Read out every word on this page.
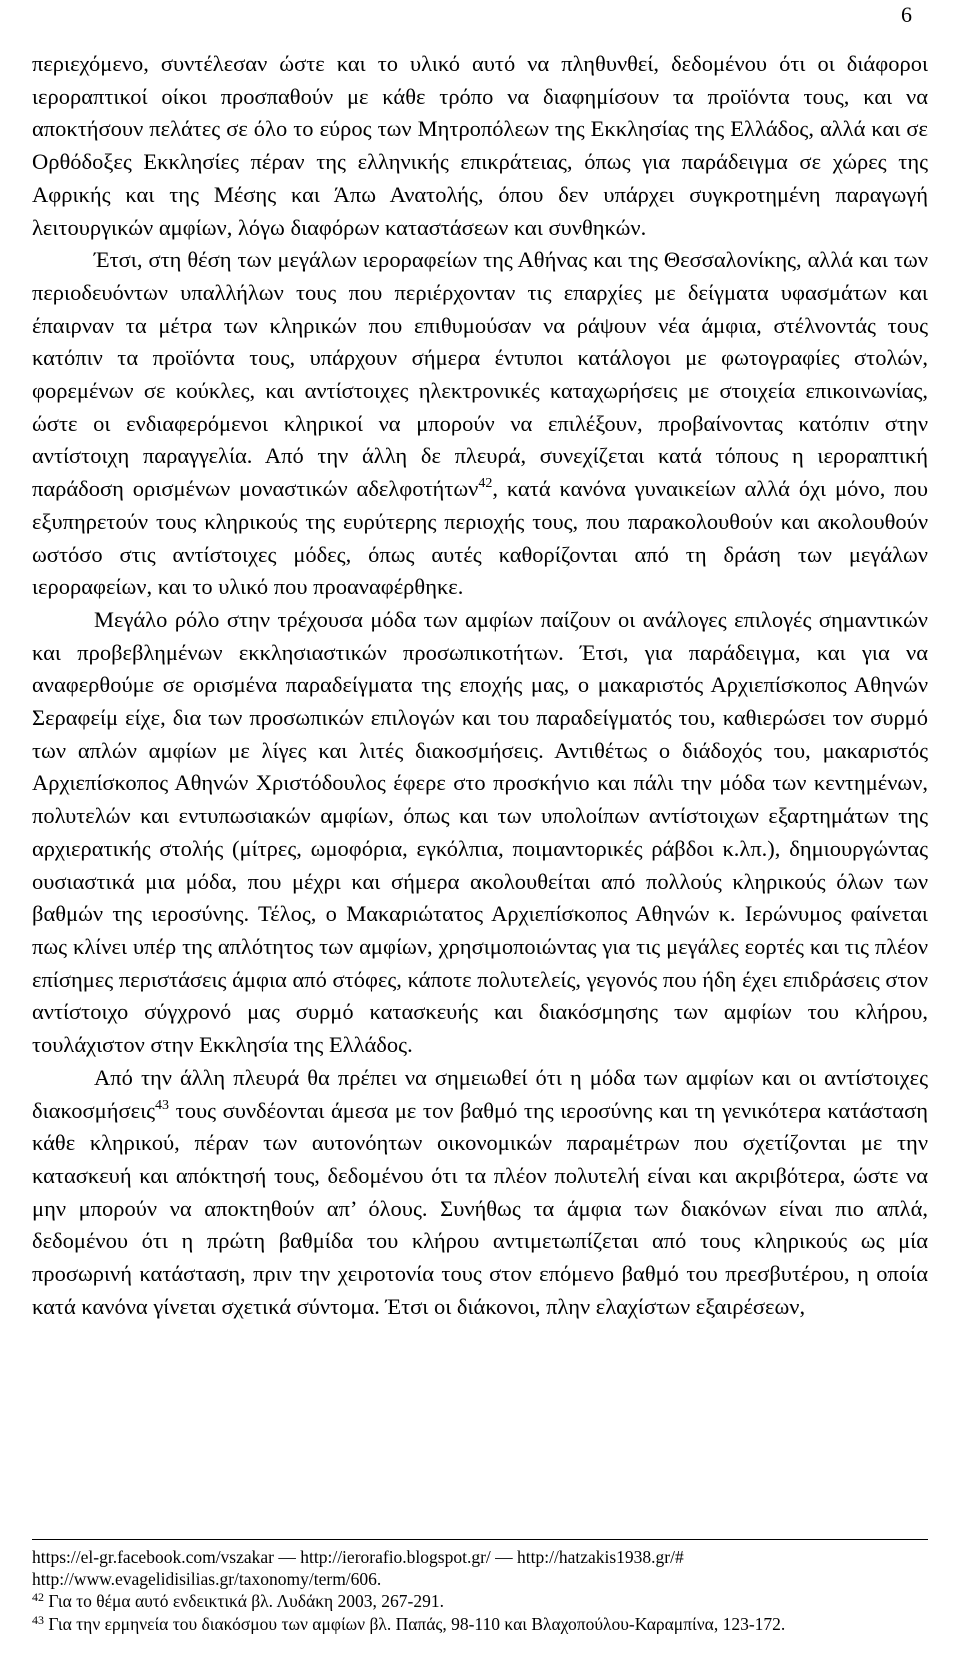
6

περιεχόμενο, συντέλεσαν ώστε και το υλικό αυτό να πληθυνθεί, δεδομένου ότι οι διάφοροι ιεροραπτικοί οίκοι προσπαθούν με κάθε τρόπο να διαφημίσουν τα προϊόντα τους, και να αποκτήσουν πελάτες σε όλο το εύρος των Μητροπόλεων της Εκκλησίας της Ελλάδος, αλλά και σε Ορθόδοξες Εκκλησίες πέραν της ελληνικής επικράτειας, όπως για παράδειγμα σε χώρες της Αφρικής και της Μέσης και Άπω Ανατολής, όπου δεν υπάρχει συγκροτημένη παραγωγή λειτουργικών αμφίων, λόγω διαφόρων καταστάσεων και συνθηκών.

Έτσι, στη θέση των μεγάλων ιεροραφείων της Αθήνας και της Θεσσαλονίκης, αλλά και των περιοδευόντων υπαλλήλων τους που περιέρχονταν τις επαρχίες με δείγματα υφασμάτων και έπαιρναν τα μέτρα των κληρικών που επιθυμούσαν να ράψουν νέα άμφια, στέλνοντάς τους κατόπιν τα προϊόντα τους, υπάρχουν σήμερα έντυποι κατάλογοι με φωτογραφίες στολών, φορεμένων σε κούκλες, και αντίστοιχες ηλεκτρονικές καταχωρήσεις με στοιχεία επικοινωνίας, ώστε οι ενδιαφερόμενοι κληρικοί να μπορούν να επιλέξουν, προβαίνοντας κατόπιν στην αντίστοιχη παραγγελία. Από την άλλη δε πλευρά, συνεχίζεται κατά τόπους η ιεροραπτική παράδοση ορισμένων μοναστικών αδελφοτήτων$^{42}$, κατά κανόνα γυναικείων αλλά όχι μόνο, που εξυπηρετούν τους κληρικούς της ευρύτερης περιοχής τους, που παρακολουθούν και ακολουθούν ωστόσο στις αντίστοιχες μόδες, όπως αυτές καθορίζονται από τη δράση των μεγάλων ιεροραφείων, και το υλικό που προαναφέρθηκε.

Μεγάλο ρόλο στην τρέχουσα μόδα των αμφίων παίζουν οι ανάλογες επιλογές σημαντικών και προβεβλημένων εκκλησιαστικών προσωπικοτήτων. Έτσι, για παράδειγμα, και για να αναφερθούμε σε ορισμένα παραδείγματα της εποχής μας, ο μακαριστός Αρχιεπίσκοπος Αθηνών Σεραφείμ είχε, δια των προσωπικών επιλογών και του παραδείγματός του, καθιερώσει τον συρμό των απλών αμφίων με λίγες και λιτές διακοσμήσεις. Αντιθέτως ο διάδοχός του, μακαριστός Αρχιεπίσκοπος Αθηνών Χριστόδουλος έφερε στο προσκήνιο και πάλι την μόδα των κεντημένων, πολυτελών και εντυπωσιακών αμφίων, όπως και των υπολοίπων αντίστοιχων εξαρτημάτων της αρχιερατικής στολής (μίτρες, ωμοφόρια, εγκόλπια, ποιμαντορικές ράβδοι κ.λπ.), δημιουργώντας ουσιαστικά μια μόδα, που μέχρι και σήμερα ακολουθείται από πολλούς κληρικούς όλων των βαθμών της ιεροσύνης. Τέλος, ο Μακαριώτατος Αρχιεπίσκοπος Αθηνών κ. Ιερώνυμος φαίνεται πως κλίνει υπέρ της απλότητος των αμφίων, χρησιμοποιώντας για τις μεγάλες εορτές και τις πλέον επίσημες περιστάσεις άμφια από στόφες, κάποτε πολυτελείς, γεγονός που ήδη έχει επιδράσεις στον αντίστοιχο σύγχρονό μας συρμό κατασκευής και διακόσμησης των αμφίων του κλήρου, τουλάχιστον στην Εκκλησία της Ελλάδος.

Από την άλλη πλευρά θα πρέπει να σημειωθεί ότι η μόδα των αμφίων και οι αντίστοιχες διακοσμήσεις$^{43}$ τους συνδέονται άμεσα με τον βαθμό της ιεροσύνης και τη γενικότερα κατάσταση κάθε κληρικού, πέραν των αυτονόητων οικονομικών παραμέτρων που σχετίζονται με την κατασκευή και απόκτησή τους, δεδομένου ότι τα πλέον πολυτελή είναι και ακριβότερα, ώστε να μην μπορούν να αποκτηθούν απ’ όλους. Συνήθως τα άμφια των διακόνων είναι πιο απλά, δεδομένου ότι η πρώτη βαθμίδα του κλήρου αντιμετωπίζεται από τους κληρικούς ως μία προσωρινή κατάσταση, πριν την χειροτονία τους στον επόμενο βαθμό του πρεσβυτέρου, η οποία κατά κανόνα γίνεται σχετικά σύντομα. Έτσι οι διάκονοι, πλην ελαχίστων εξαιρέσεων,

https://el-gr.facebook.com/vszakar — http://ierorafio.blogspot.gr/ — http://hatzakis1938.gr/#

http://www.evagelidisilias.gr/taxonomy/term/606.

$^{42}$ Για το θέμα αυτό ενδεικτικά βλ. Λυδάκη 2003, 267-291.

$^{43}$ Για την ερμηνεία του διακόσμου των αμφίων βλ. Παπάς, 98-110 και Βλαχοπούλου-Καραμπίνα, 123-172.
